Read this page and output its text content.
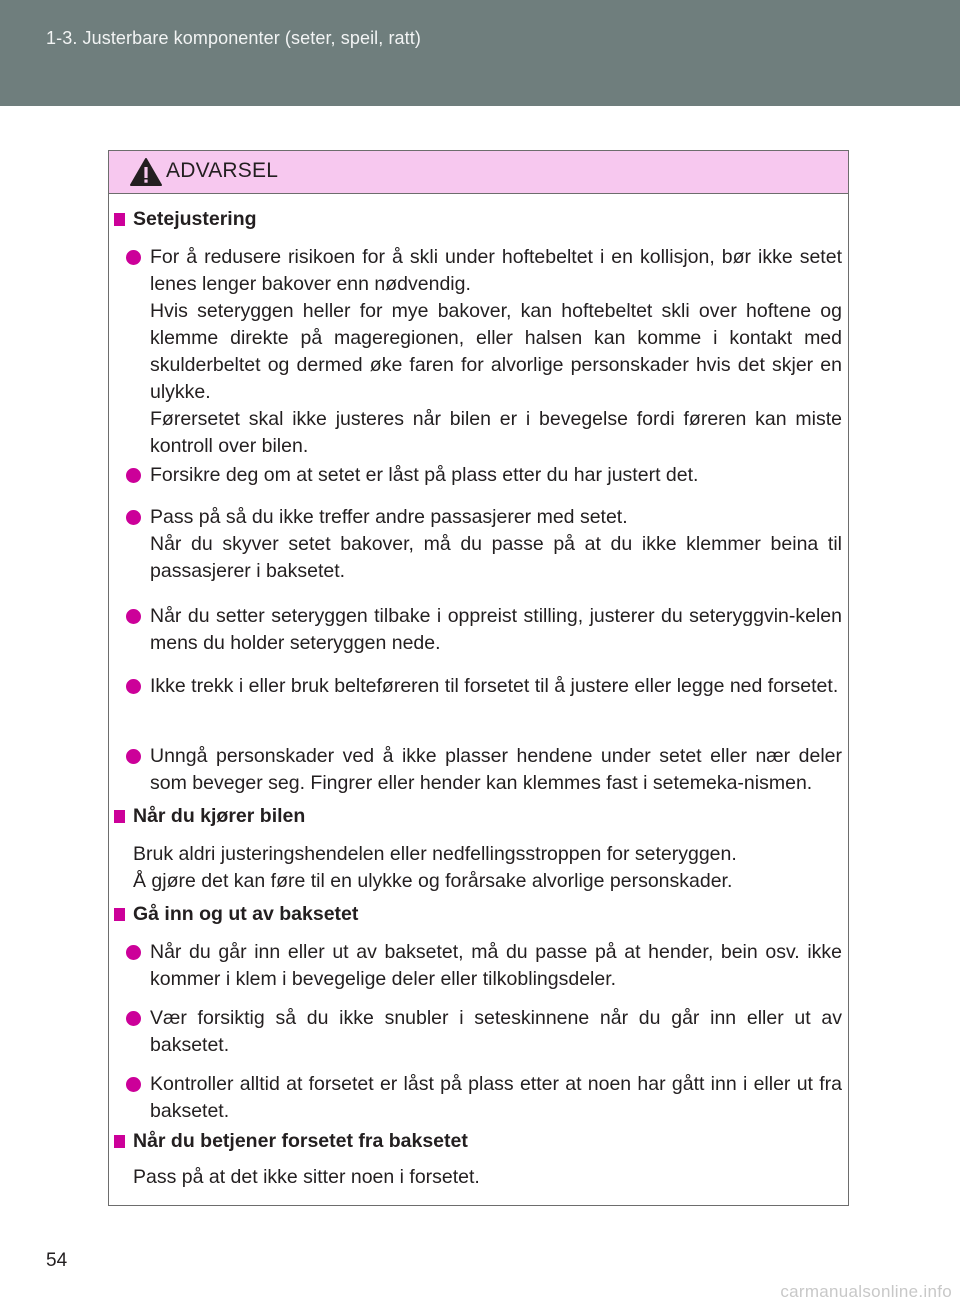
1-3. Justerbare komponenter (seter, speil, ratt)
ADVARSEL
Setejustering
For å redusere risikoen for å skli under hoftebeltet i en kollisjon, bør ikke setet lenes lenger bakover enn nødvendig.
Hvis seteryggen heller for mye bakover, kan hoftebeltet skli over hoftene og klemme direkte på mageregionen, eller halsen kan komme i kontakt med skulderbeltet og dermed øke faren for alvorlige personskader hvis det skjer en ulykke.
Førersetet skal ikke justeres når bilen er i bevegelse fordi føreren kan miste kontroll over bilen.
Forsikre deg om at setet er låst på plass etter du har justert det.
Pass på så du ikke treffer andre passasjerer med setet.
Når du skyver setet bakover, må du passe på at du ikke klemmer beina til passasjerer i baksetet.
Når du setter seteryggen tilbake i oppreist stilling, justerer du seteryggvin-kelen mens du holder seteryggen nede.
Ikke trekk i eller bruk belteføreren til forsetet til å justere eller legge ned forsetet.
Unngå personskader ved å ikke plasser hendene under setet eller nær deler som beveger seg. Fingrer eller hender kan klemmes fast i setemeka-nismen.
Når du kjører bilen
Bruk aldri justeringshendelen eller nedfellingsstroppen for seteryggen.
Å gjøre det kan føre til en ulykke og forårsake alvorlige personskader.
Gå inn og ut av baksetet
Når du går inn eller ut av baksetet, må du passe på at hender, bein osv. ikke kommer i klem i bevegelige deler eller tilkoblingsdeler.
Vær forsiktig så du ikke snubler i seteskinnene når du går inn eller ut av baksetet.
Kontroller alltid at forsetet er låst på plass etter at noen har gått inn i eller ut fra baksetet.
Når du betjener forsetet fra baksetet
Pass på at det ikke sitter noen i forsetet.
54
carmanualsonline.info
